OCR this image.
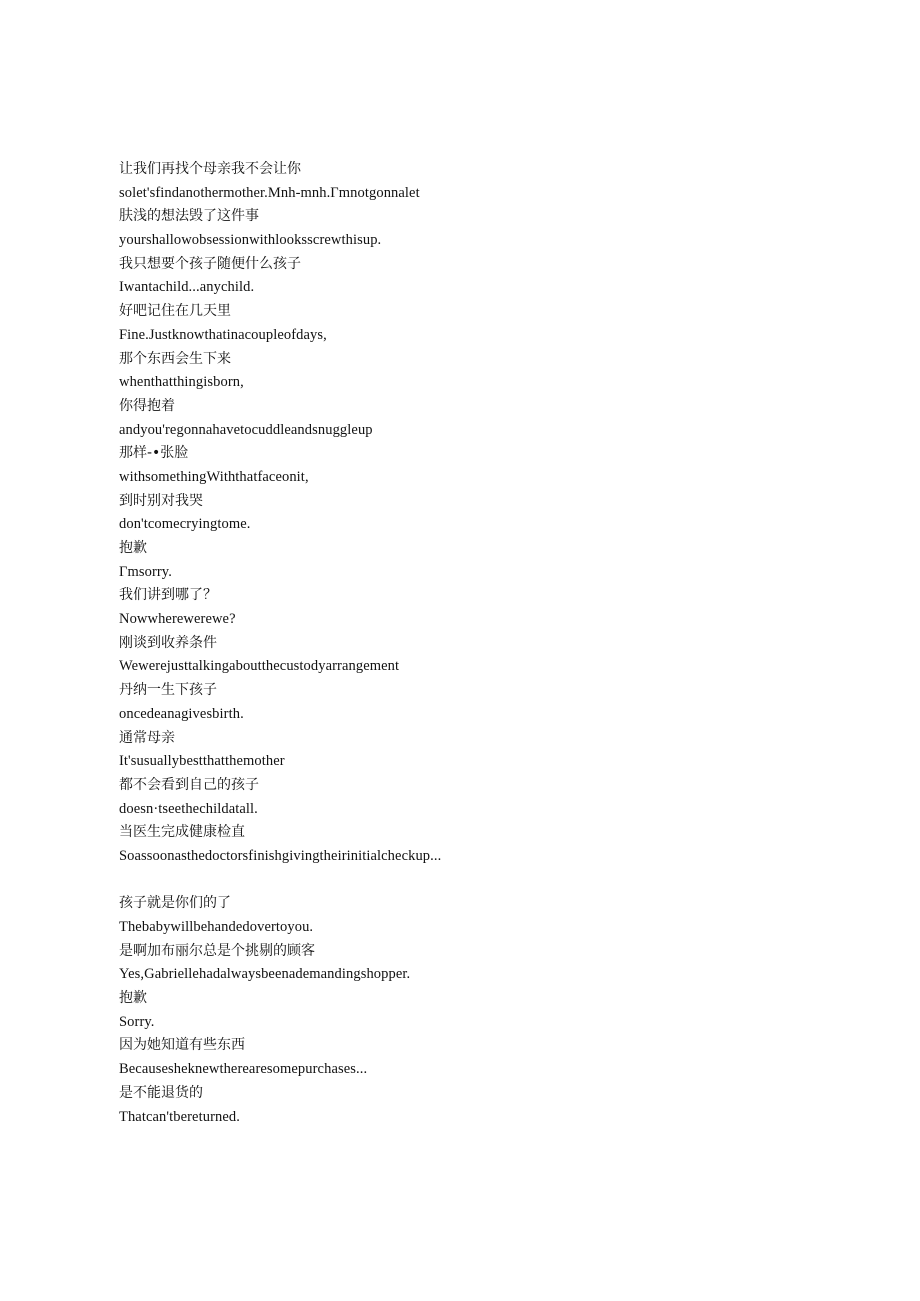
让我们再找个母亲我不会让你
solet'sfindanothermother.Mnh-mnh.Γmnotgonnalet
肤浅的想法毁了这件事
yourshallowobsessionwithlooksscrewthisup.
我只想要个孩子随便什么孩子
Iwantachild...anychild.
好吧记住在几天里
Fine.Justknowthatinacoupleofdays,
那个东西会生下来
whenthatthingisborn,
你得抱着
andyou'regonnahavetocuddleandsnuggleup
那样-•张脸
withsomethingWiththatfaceonit,
到时别对我哭
don'tcomecryingtome.
抱歉
Γmsorry.
我们讲到哪了？
Nowwherewerewe?
刚谈到收养条件
Wewerejusttalkingaboutthecustodyarrangement
丹纳一生下孩子
oncedeanagivesbirth.
通常母亲
It'susuallybestthatthemother
都不会看到自己的孩子
doesn·tseethechildatall.
当医生完成健康检直
Soassoonasthedoctorsfinishgivingtheirinitialcheckup...
孩子就是你们的了
Thebabywillbehandedovertoyou.
是啊加布丽尔总是个挑剔的顾客
Yes,Gabriellehadalwaysbeenademandingshopper.
抱歉
Sorry.
因为她知道有些东西
Becausesheknewtherearesomepurchases...
是不能退货的
Thatcan'tbereturned.
